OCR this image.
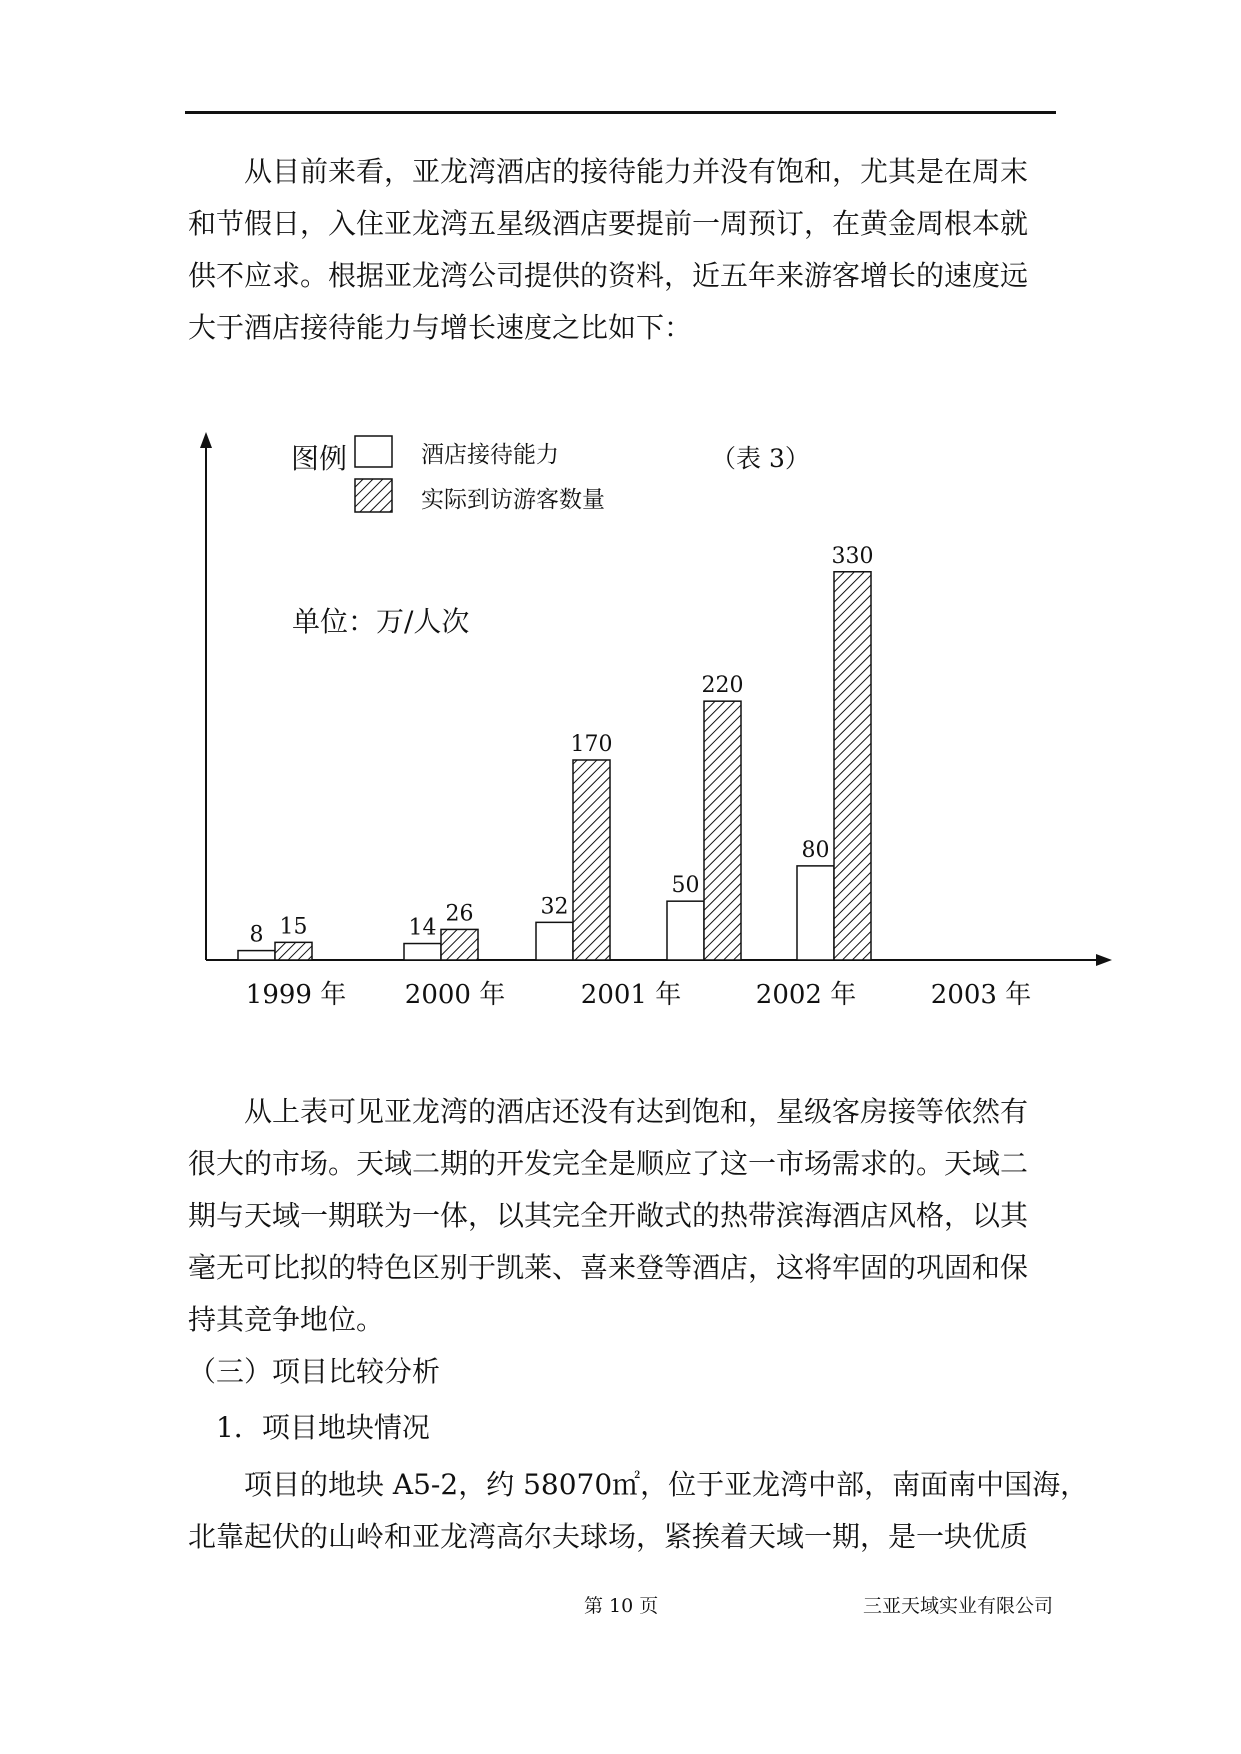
从目前来看，亚龙湾酒店的接待能力并没有饱和，尤其是在周末
和节假日，入住亚龙湾五星级酒店要提前一周预订，在黄金周根本就
供不应求。根据亚龙湾公司提供的资料，近五年来游客增长的速度远
大于酒店接待能力与增长速度之比如下：
图例	酒店接待能力
实际到访游客数量
（表 3）
单位：万/人次
8 15	14
26	32
170
50
220
80
330
1999 年 2000 年	2001 年	2002 年	2003 年
从上表可见亚龙湾的酒店还没有达到饱和，星级客房接等依然有
很大的市场。天域二期的开发完全是顺应了这一市场需求的。天域二
期与天域一期联为一体，以其完全开敞式的热带滨海酒店风格，以其
毫无可比拟的特色区别于凯莱、喜来登等酒店，这将牢固的巩固和保
持其竞争地位。

（三）项目比较分析

1．项目地块情况

项目的地块 A5-2，约 58070㎡，位于亚龙湾中部，南面南中国海，
北靠起伏的山岭和亚龙湾高尔夫球场，紧挨着天域一期，是一块优质
第 10 页	三亚天域实业有限公司
